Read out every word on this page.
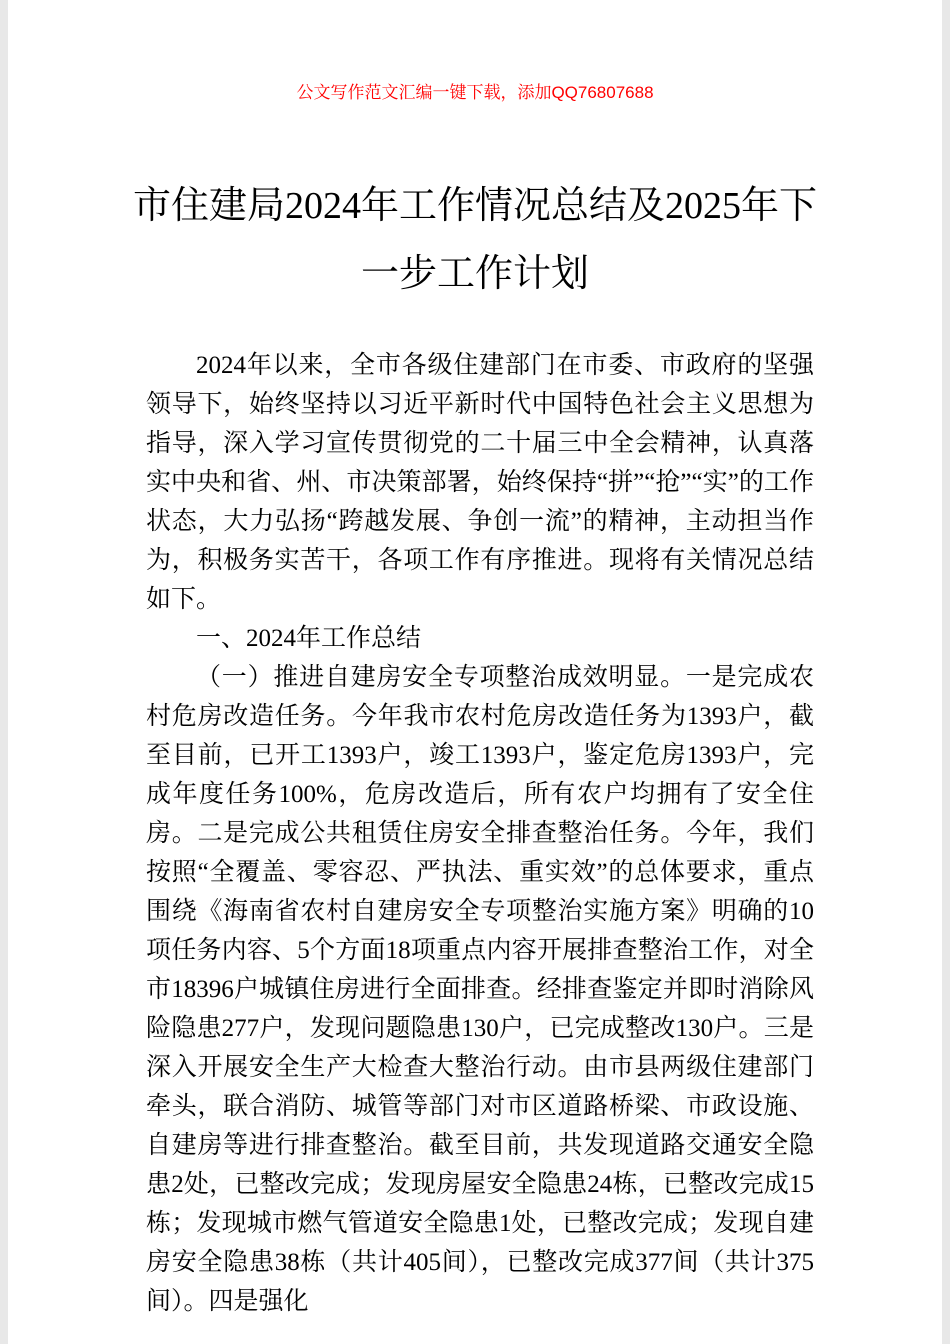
公文写作范文汇编一键下载，添加QQ76807688
市住建局2024年工作情况总结及2025年下一步工作计划

2024年以来，全市各级住建部门在市委、市政府的坚强领导下，始终坚持以习近平新时代中国特色社会主义思想为指导，深入学习宣传贯彻党的二十届三中全会精神，认真落实中央和省、州、市决策部署，始终保持“拼”“抢”“实”的工作状态，大力弘扬“跨越发展、争创一流”的精神，主动担当作为，积极务实苦干，各项工作有序推进。现将有关情况总结如下。

一、2024年工作总结

（一）推进自建房安全专项整治成效明显。一是完成农村危房改造任务。今年我市农村危房改造任务为1393户，截至目前，已开工1393户，竣工1393户，鉴定危房1393户，完成年度任务100%，危房改造后，所有农户均拥有了安全住房。二是完成公共租赁住房安全排查整治任务。今年，我们按照“全覆盖、零容忍、严执法、重实效”的总体要求，重点围绕《海南省农村自建房安全专项整治实施方案》明确的10项任务内容、5个方面18项重点内容开展排查整治工作，对全市18396户城镇住房进行全面排查。经排查鉴定并即时消除风险隐患277户，发现问题隐患130户，已完成整改130户。三是深入开展安全生产大检查大整治行动。由市县两级住建部门牵头，联合消防、城管等部门对市区道路桥梁、市政设施、自建房等进行排查整治。截至目前，共发现道路交通安全隐患2处，已整改完成；发现房屋安全隐患24栋，已整改完成15栋；发现城市燃气管道安全隐患1处，已整改完成；发现自建房安全隐患38栋（共计405间），已整改完成377间（共计375间）。四是强化
